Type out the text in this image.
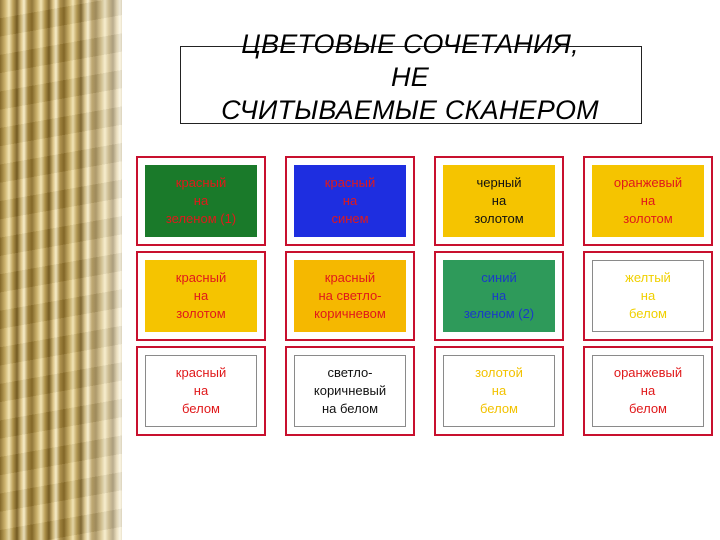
ЦВЕТОВЫЕ СОЧЕТАНИЯ,
НЕ
СЧИТЫВАЕМЫЕ СКАНЕРОМ
красный
на
зеленом (1)
красный
на
синем
черный
на
золотом
оранжевый
на
золотом
красный
на
золотом
красный
на светло-
коричневом
синий
на
зеленом (2)
желтый
на
белом
красный
на
белом
светло-
коричневый
на белом
золотой
на
белом
оранжевый
на
белом
